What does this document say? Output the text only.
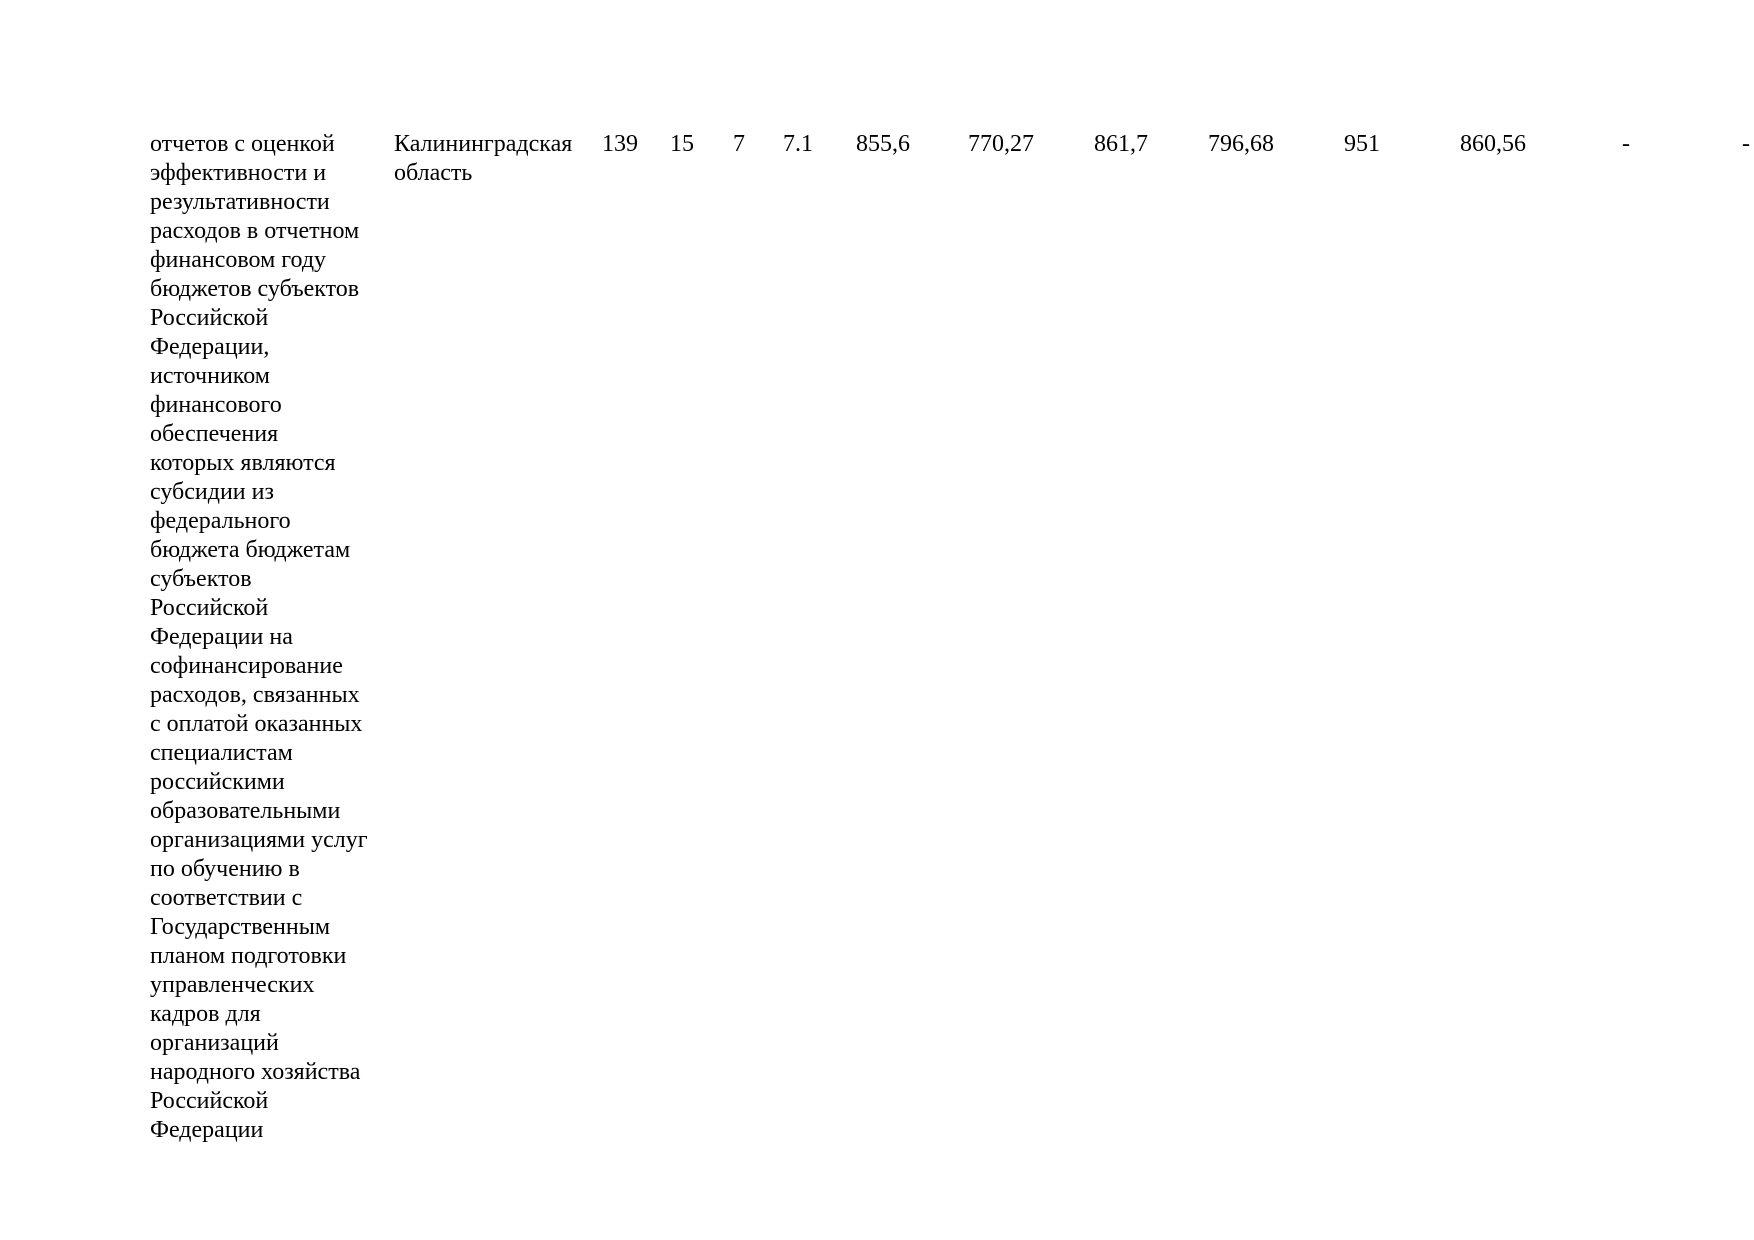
отчетов с оценкой
эффективности и
результативности
расходов в отчетном
финансовом году
бюджетов субъектов
Российской
Федерации,
источником
финансового
обеспечения
которых являются
субсидии из
федерального
бюджета бюджетам
субъектов
Российской
Федерации на
софинансирование
расходов, связанных
с оплатой оказанных
специалистам
российскими
образовательными
организациями услуг
по обучению в
соответствии с
Государственным
планом подготовки
управленческих
кадров для
организаций
народного хозяйства
Российской
Федерации
Калининградская
область
139 15 7 7.1 855,6 770,27	861,7	796,68	951	860,56	-	-
